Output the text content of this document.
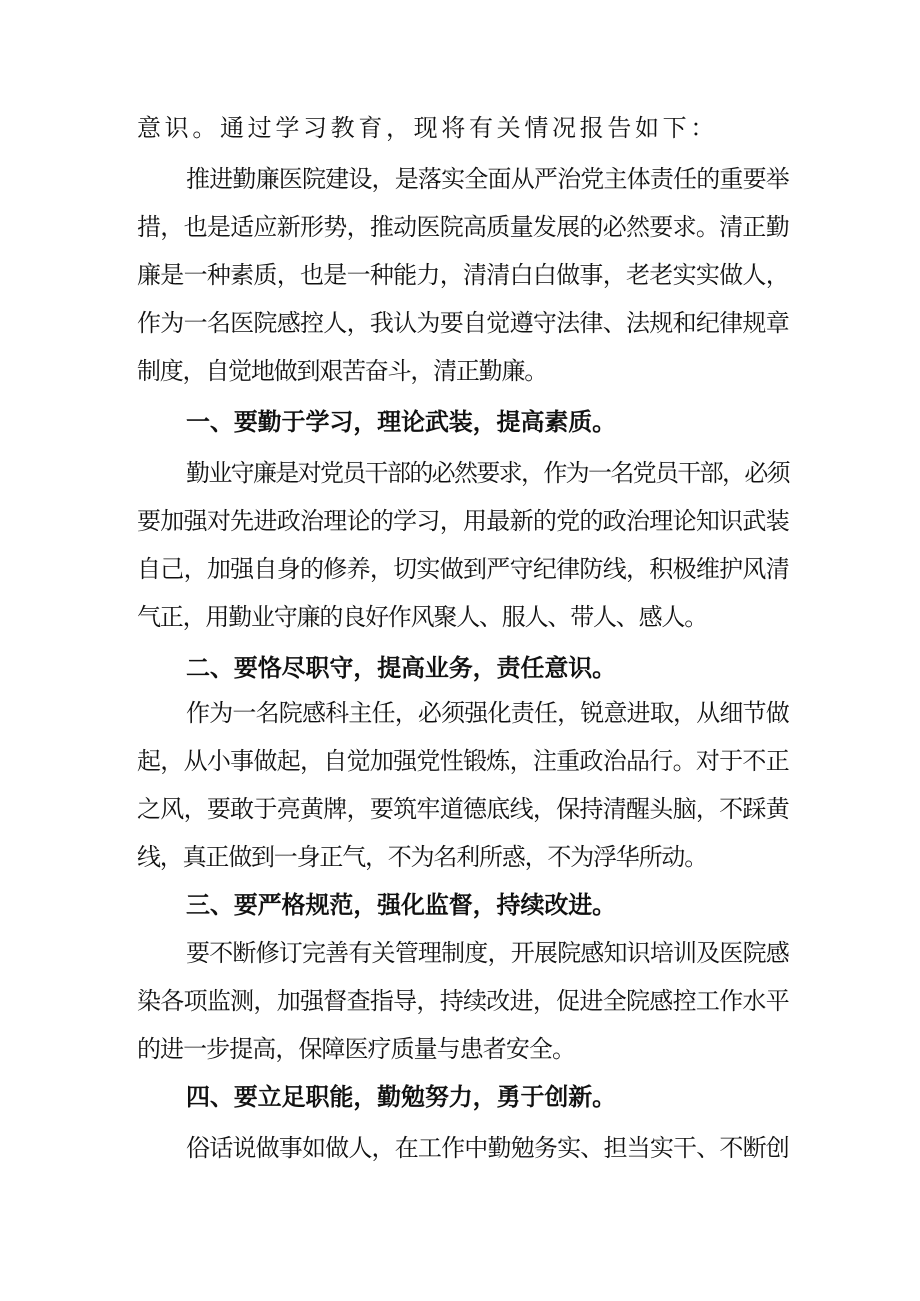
意识。通过学习教育，现将有关情况报告如下：
推进勤廉医院建设，是落实全面从严治党主体责任的重要举
措，也是适应新形势，推动医院高质量发展的必然要求。清正勤
廉是一种素质，也是一种能力，清清白白做事，老老实实做人，
作为一名医院感控人，我认为要自觉遵守法律、法规和纪律规章
制度，自觉地做到艰苦奋斗，清正勤廉。
一、要勤于学习，理论武装，提高素质。
勤业守廉是对党员干部的必然要求，作为一名党员干部，必须
要加强对先进政治理论的学习，用最新的党的政治理论知识武装
自己，加强自身的修养，切实做到严守纪律防线，积极维护风清
气正，用勤业守廉的良好作风聚人、服人、带人、感人。
二、要恪尽职守，提高业务，责任意识。
作为一名院感科主任，必须强化责任，锐意进取，从细节做
起，从小事做起，自觉加强党性锻炼，注重政治品行。对于不正
之风，要敢于亮黄牌，要筑牢道德底线，保持清醒头脑，不踩黄
线，真正做到一身正气，不为名利所惑，不为浮华所动。
三、要严格规范，强化监督，持续改进。
要不断修订完善有关管理制度，开展院感知识培训及医院感
染各项监测，加强督查指导，持续改进，促进全院感控工作水平
的进一步提高，保障医疗质量与患者安全。
四、要立足职能，勤勉努力，勇于创新。
俗话说做事如做人，在工作中勤勉务实、担当实干、不断创
